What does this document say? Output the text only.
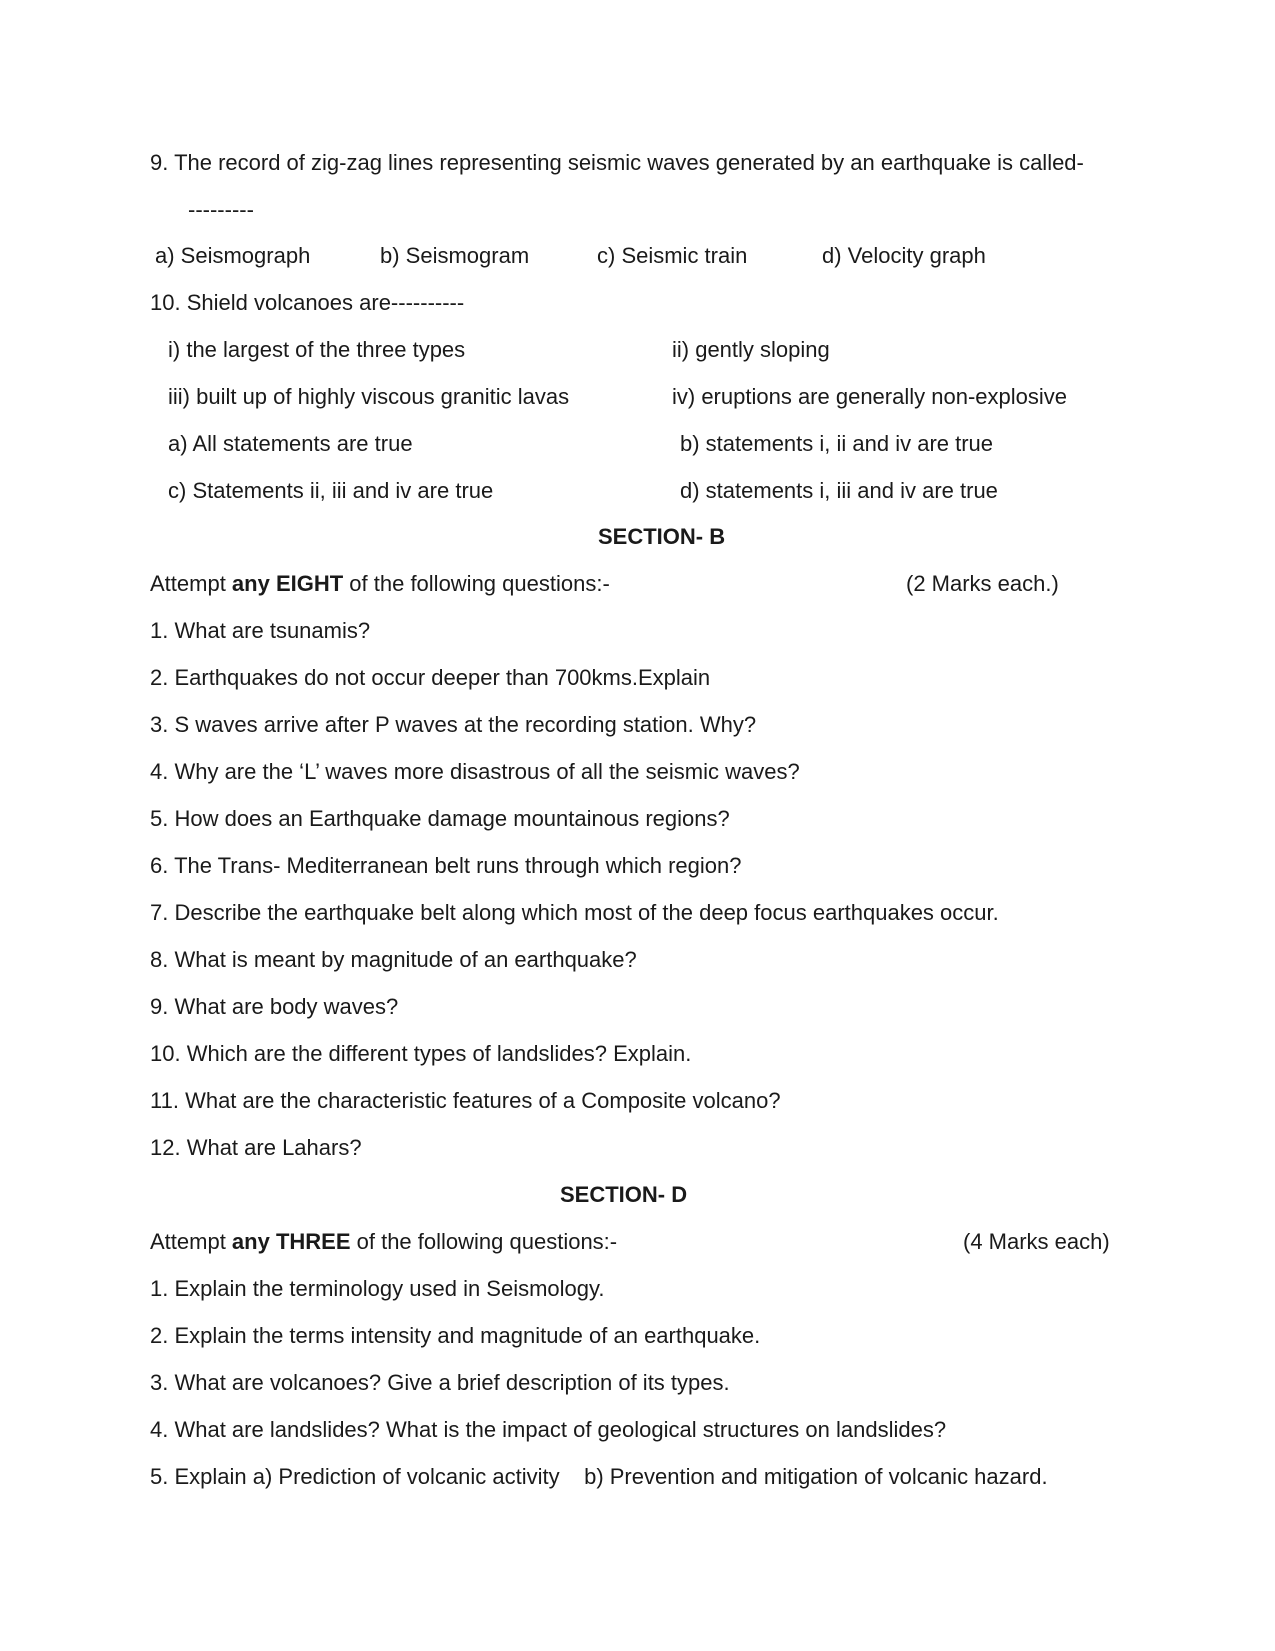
9. The record of zig-zag lines representing seismic waves generated by an earthquake is called-
---------
a) Seismograph	b) Seismogram	c) Seismic train	d) Velocity graph
10. Shield volcanoes are----------
i) the largest of the three types	ii) gently sloping
iii) built up of highly viscous granitic lavas	iv) eruptions are generally non-explosive
a) All statements are true	b) statements i, ii and iv are true
c) Statements ii, iii and iv are true	d) statements i, iii and iv are true
SECTION- B
Attempt any EIGHT of the following questions:-	(2 Marks each.)
1. What are tsunamis?
2. Earthquakes do not occur deeper than 700kms.Explain
3. S waves arrive after P waves at the recording station. Why?
4. Why are the ‘L’ waves more disastrous of all the seismic waves?
5. How does an Earthquake damage mountainous regions?
6. The Trans- Mediterranean belt runs through which region?
7. Describe the earthquake belt along which most of the deep focus earthquakes occur.
8. What is meant by magnitude of an earthquake?
9. What are body waves?
10. Which are the different types of landslides? Explain.
11. What are the characteristic features of a Composite volcano?
12. What are Lahars?
SECTION- D
Attempt any THREE of the following questions:-	(4 Marks each)
1. Explain the terminology used in Seismology.
2. Explain the terms intensity and magnitude of an earthquake.
3. What are volcanoes? Give a brief description of its types.
4. What are landslides? What is the impact of geological structures on landslides?
5. Explain a) Prediction of volcanic activity    b) Prevention and mitigation of volcanic hazard.
